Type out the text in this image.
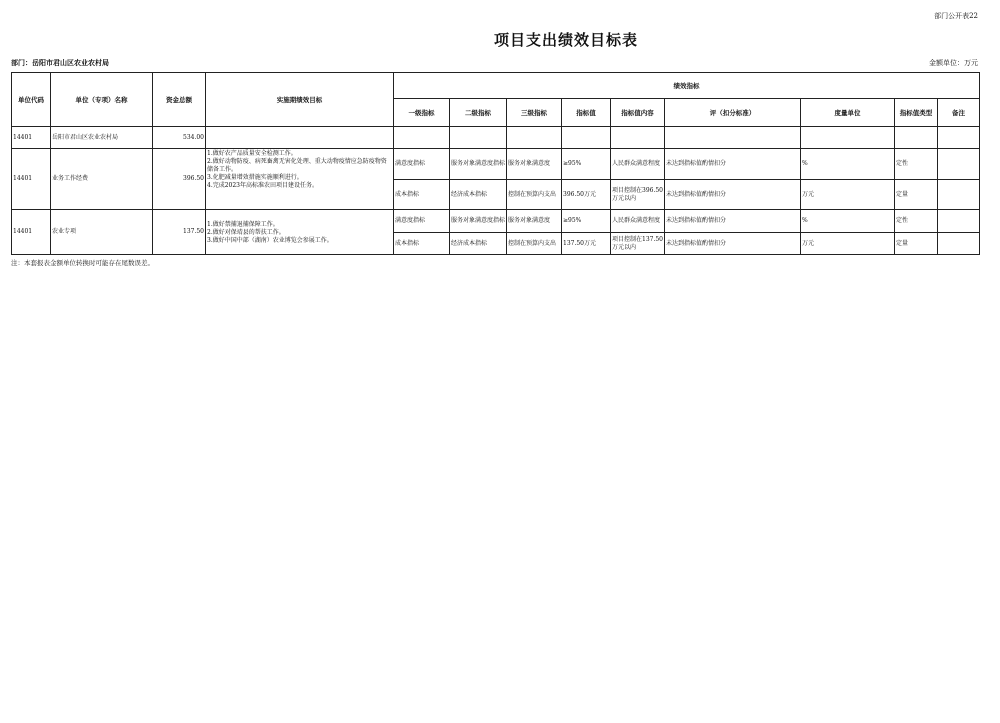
部门公开表22
项目支出绩效目标表
部门：岳阳市君山区农业农村局	金额单位：万元
单位代码	单位（专项）名称	资金总额	实施期绩效目标	绩效指标								
				一级指标	二级指标	三级指标	指标值	指标值内容	评（扣分标准）	度量单位	指标值类型	备注
14401	岳阳市君山区农业农村局	534.00										
14401	业务工作经费	396.50	1.做好农产品质量安全检测工作。
2.做好动物防疫、病死畜禽无害化处理、重大动物疫情应急防疫物资储备工作。
3.化肥减量增效措施实施顺利进行。
4.完成2023年高标准农田项目建设任务。	满意度指标	服务对象满意度指标	服务对象满意度	≥95%	人民群众满意程度	未达到指标值酌情扣分	%	定性	
				成本指标	经济成本指标	控制在预算内支出	396.50万元	项目控制在396.50万元以内	未达到指标值酌情扣分	万元	定量	
14401	农业专项	137.50	1.做好禁捕退捕保障工作。
2.做好对保靖县的帮扶工作。
3.做好中国中部（湖南）农业博览会参展工作。	满意度指标	服务对象满意度指标	服务对象满意度	≥95%	人民群众满意程度	未达到指标值酌情扣分	%	定性	
				成本指标	经济成本指标	控制在预算内支出	137.50万元	项目控制在137.50万元以内	未达到指标值酌情扣分	万元	定量	
注：本套报表金额单位转换时可能存在尾数误差。
